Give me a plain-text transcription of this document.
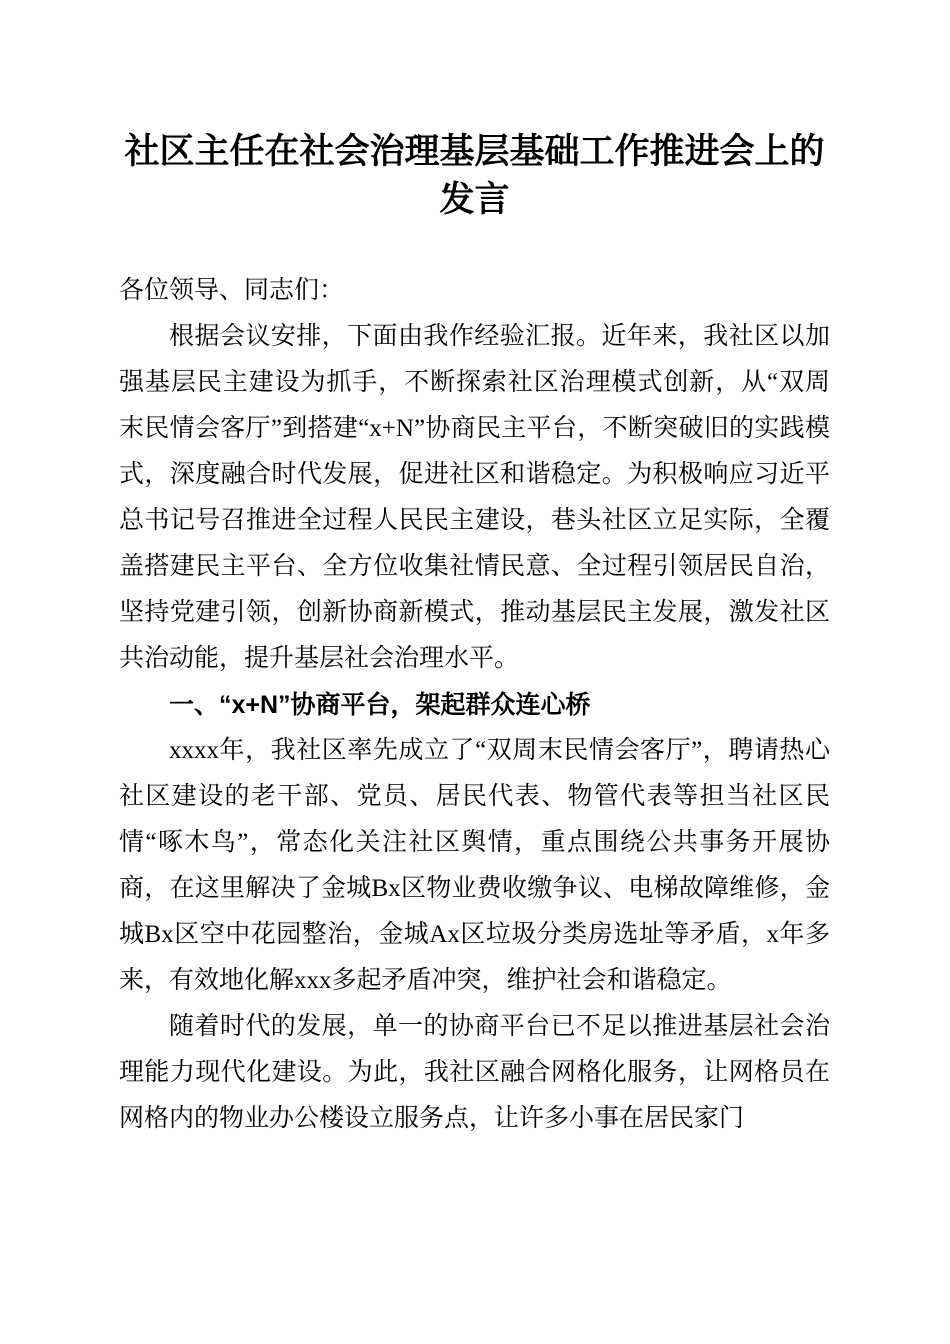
社区主任在社会治理基层基础工作推进会上的发言

各位领导、同志们：

根据会议安排，下面由我作经验汇报。近年来，我社区以加强基层民主建设为抓手，不断探索社区治理模式创新，从“双周末民情会客厅”到搭建“x+N”协商民主平台，不断突破旧的实践模式，深度融合时代发展，促进社区和谐稳定。为积极响应习近平总书记号召推进全过程人民民主建设，巷头社区立足实际，全覆盖搭建民主平台、全方位收集社情民意、全过程引领居民自治，坚持党建引领，创新协商新模式，推动基层民主发展，激发社区共治动能，提升基层社会治理水平。

一、“x+N”协商平台，架起群众连心桥

xxxx年，我社区率先成立了“双周末民情会客厅”，聘请热心社区建设的老干部、党员、居民代表、物管代表等担当社区民情“啄木鸟”，常态化关注社区舆情，重点围绕公共事务开展协商，在这里解决了金城Bx区物业费收缴争议、电梯故障维修，金城Bx区空中花园整治，金城Ax区垃圾分类房选址等矛盾，x年多来，有效地化解xxx多起矛盾冲突，维护社会和谐稳定。

随着时代的发展，单一的协商平台已不足以推进基层社会治理能力现代化建设。为此，我社区融合网格化服务，让网格员在网格内的物业办公楼设立服务点，让许多小事在居民家门
